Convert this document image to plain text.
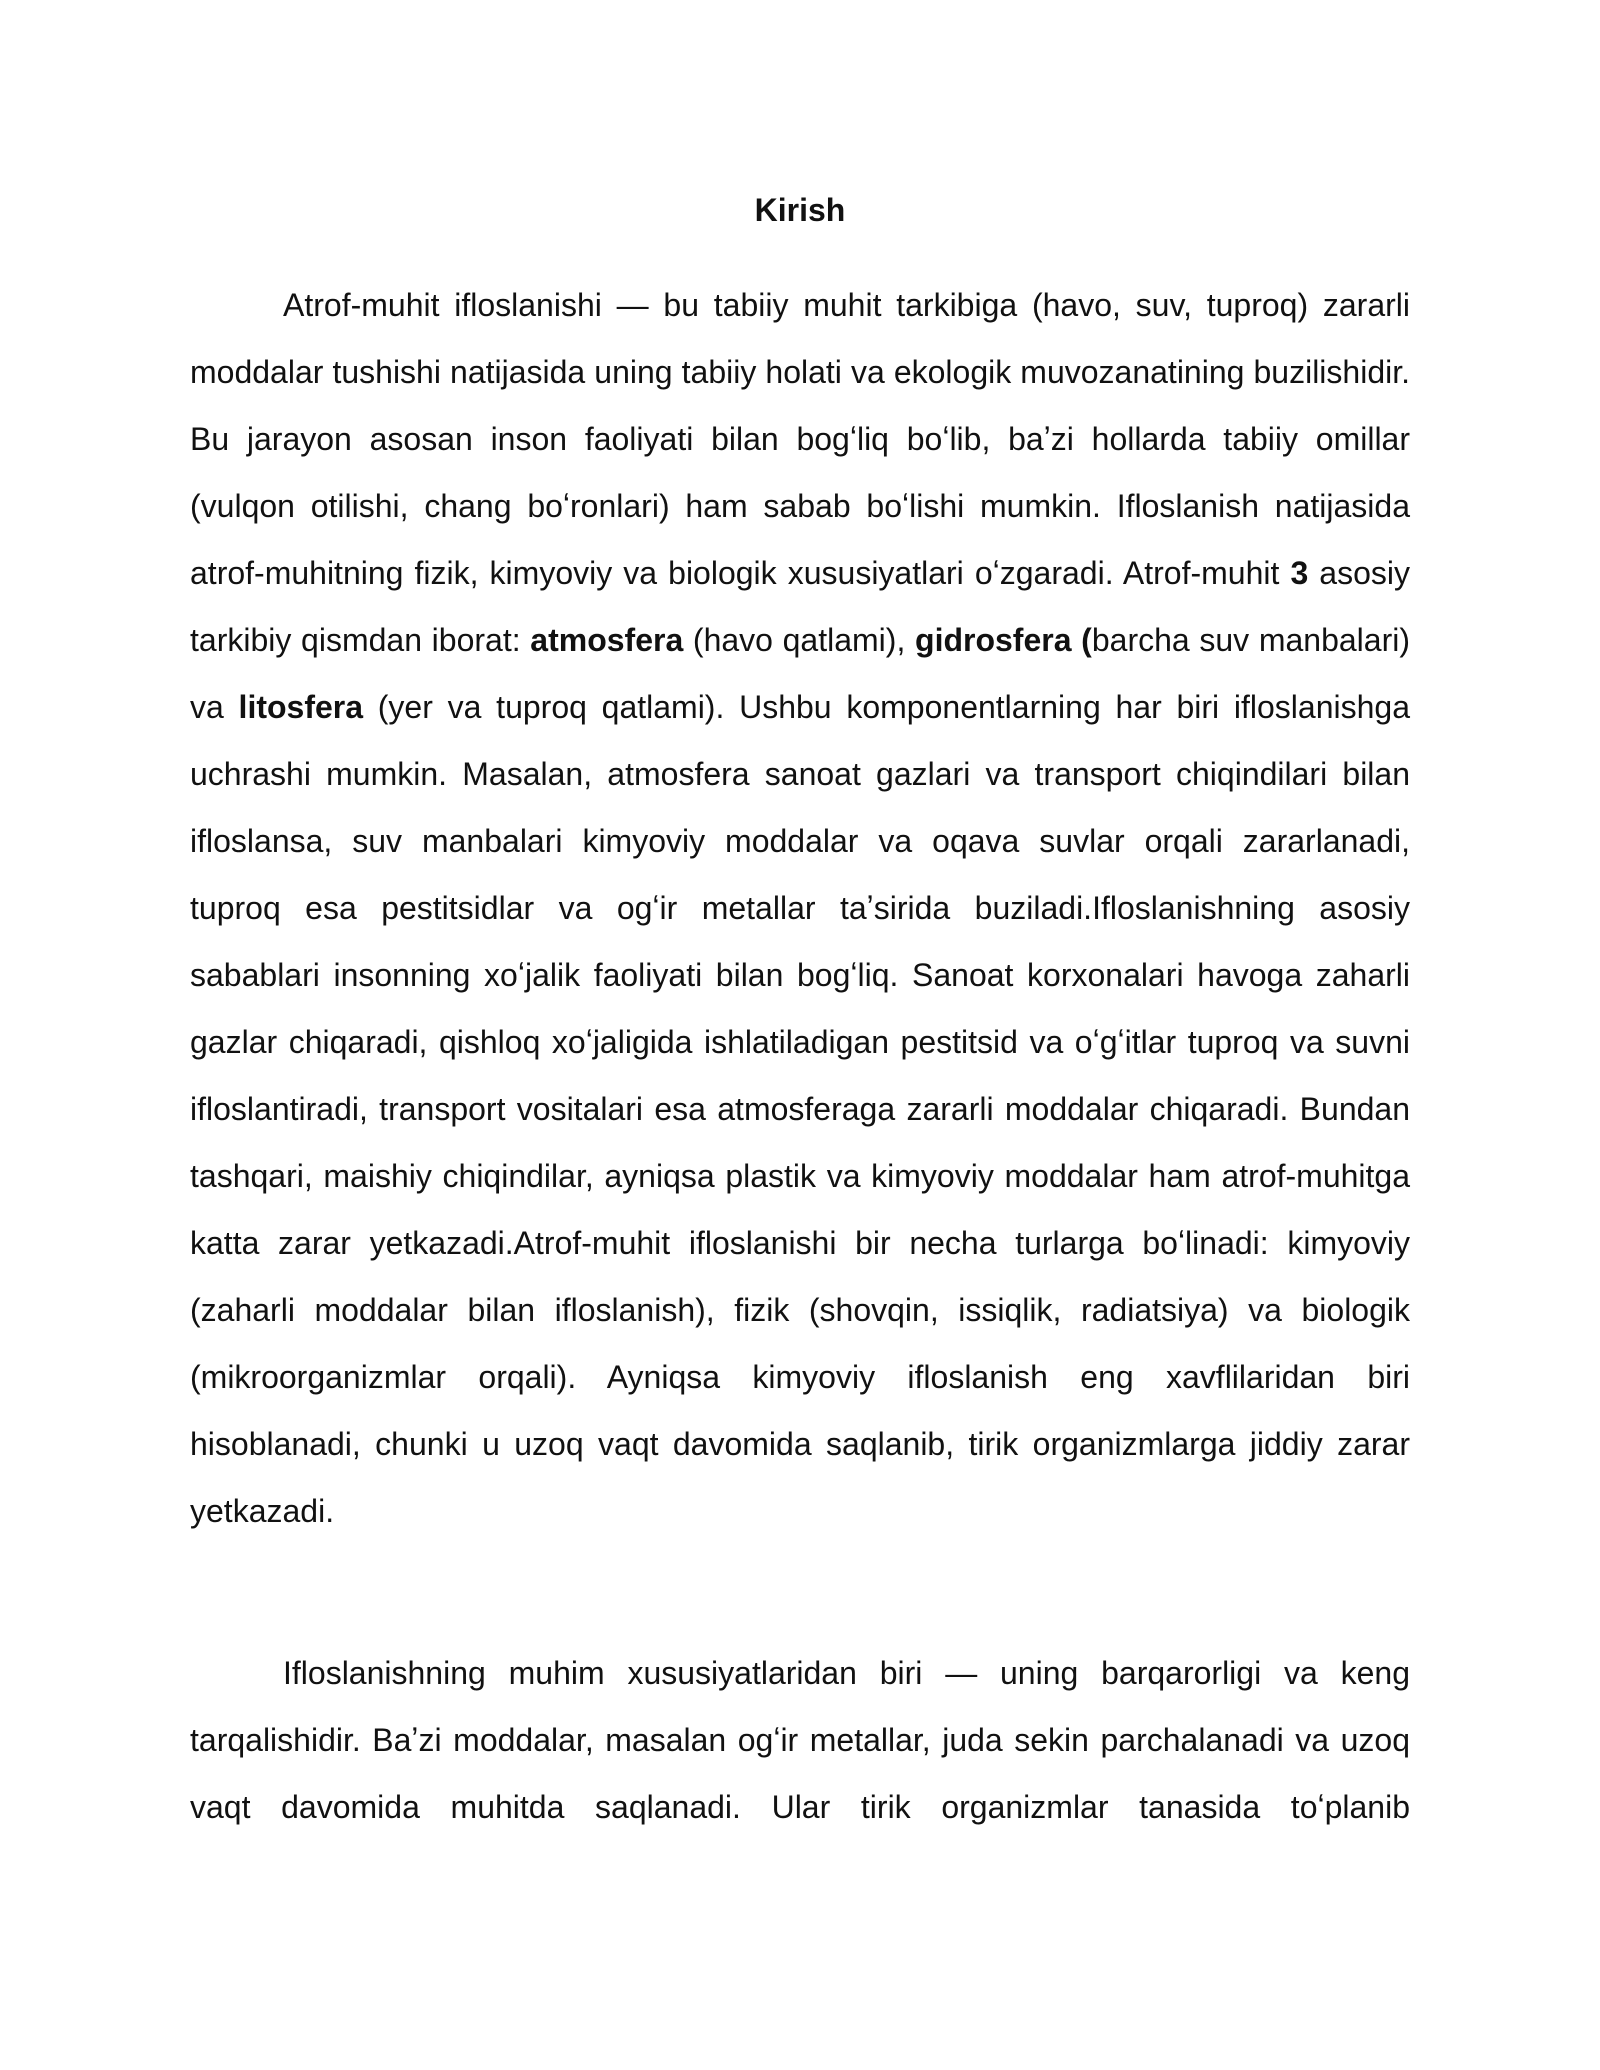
Kirish

Atrof-muhit ifloslanishi — bu tabiiy muhit tarkibiga (havo, suv, tuproq) zararli moddalar tushishi natijasida uning tabiiy holati va ekologik muvozanatining buzilishidir. Bu jarayon asosan inson faoliyati bilan bogʻliq boʻlib, baʼzi hollarda tabiiy omillar (vulqon otilishi, chang boʻronlari) ham sabab boʻlishi mumkin. Ifloslanish natijasida atrof-muhitning fizik, kimyoviy va biologik xususiyatlari oʻzgaradi. Atrof-muhit 3 asosiy tarkibiy qismdan iborat: atmosfera (havo qatlami), gidrosfera (barcha suv manbalari) va litosfera (yer va tuproq qatlami). Ushbu komponentlarning har biri ifloslanishga uchrashi mumkin. Masalan, atmosfera sanoat gazlari va transport chiqindilari bilan ifloslansa, suv manbalari kimyoviy moddalar va oqava suvlar orqali zararlanadi, tuproq esa pestitsidlar va ogʻir metallar taʼsirida buziladi.Ifloslanishning asosiy sabablari insonning xoʻjalik faoliyati bilan bogʻliq. Sanoat korxonalari havoga zaharli gazlar chiqaradi, qishloq xoʻjaligida ishlatiladigan pestitsid va oʻgʻitlar tuproq va suvni ifloslantiradi, transport vositalari esa atmosferaga zararli moddalar chiqaradi. Bundan tashqari, maishiy chiqindilar, ayniqsa plastik va kimyoviy moddalar ham atrof-muhitga katta zarar yetkazadi.Atrof-muhit ifloslanishi bir necha turlarga boʻlinadi: kimyoviy (zaharli moddalar bilan ifloslanish), fizik (shovqin, issiqlik, radiatsiya) va biologik (mikroorganizmlar orqali). Ayniqsa kimyoviy ifloslanish eng xavflilaridan biri hisoblanadi, chunki u uzoq vaqt davomida saqlanib, tirik organizmlarga jiddiy zarar yetkazadi.

Ifloslanishning muhim xususiyatlaridan biri — uning barqarorligi va keng tarqalishidir. Baʼzi moddalar, masalan ogʻir metallar, juda sekin parchalanadi va uzoq vaqt davomida muhitda saqlanadi. Ular tirik organizmlar tanasida toʻplanib
